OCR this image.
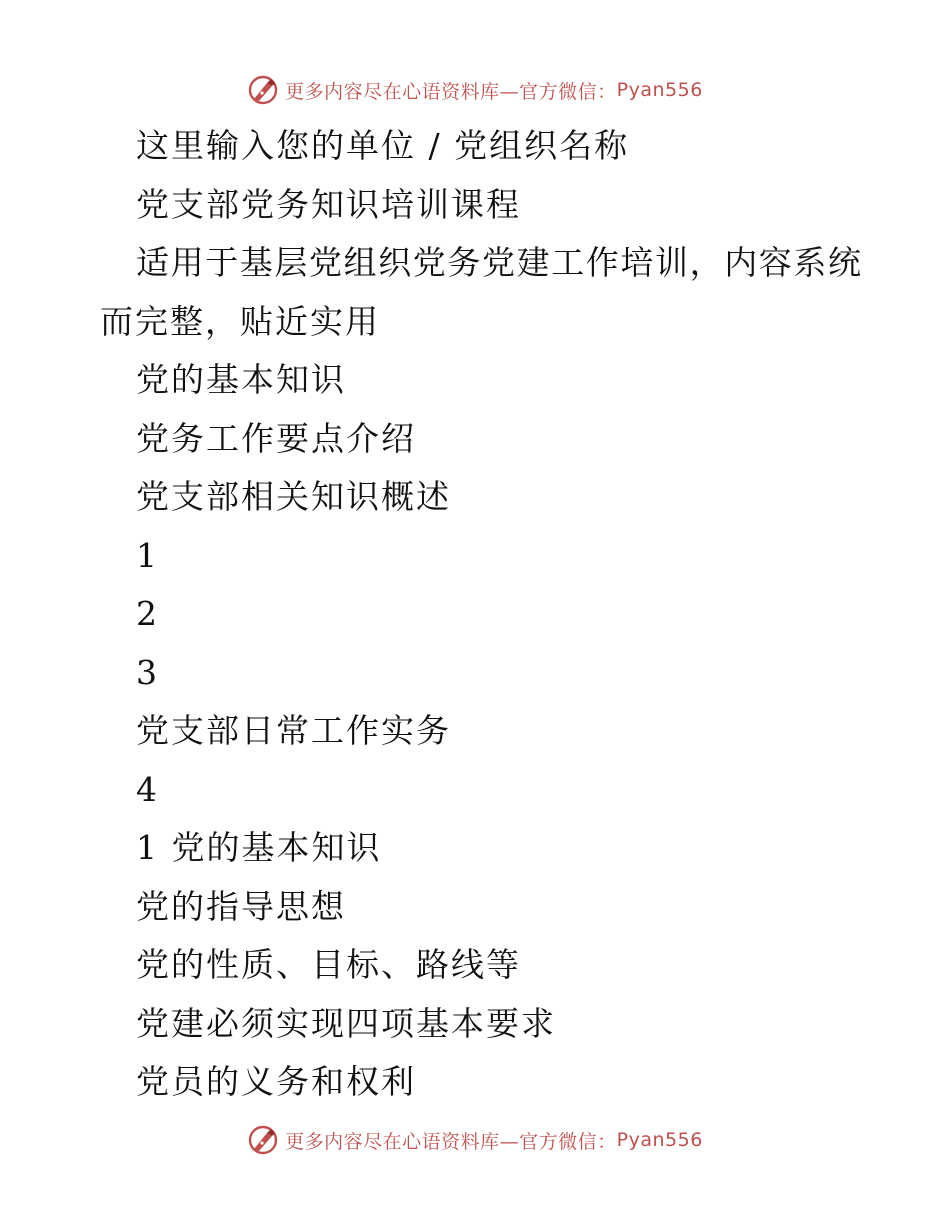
更多内容尽在心语资料库—官方微信： Pyan556
这里输入您的单位 / 党组织名称
党支部党务知识培训课程
适用于基层党组织党务党建工作培训，内容系统
而完整，贴近实用
党的基本知识
党务工作要点介绍
党支部相关知识概述
1
2
3
党支部日常工作实务
4
1 党的基本知识
党的指导思想
党的性质、目标、路线等
党建必须实现四项基本要求
党员的义务和权利
更多内容尽在心语资料库—官方微信： Pyan556
